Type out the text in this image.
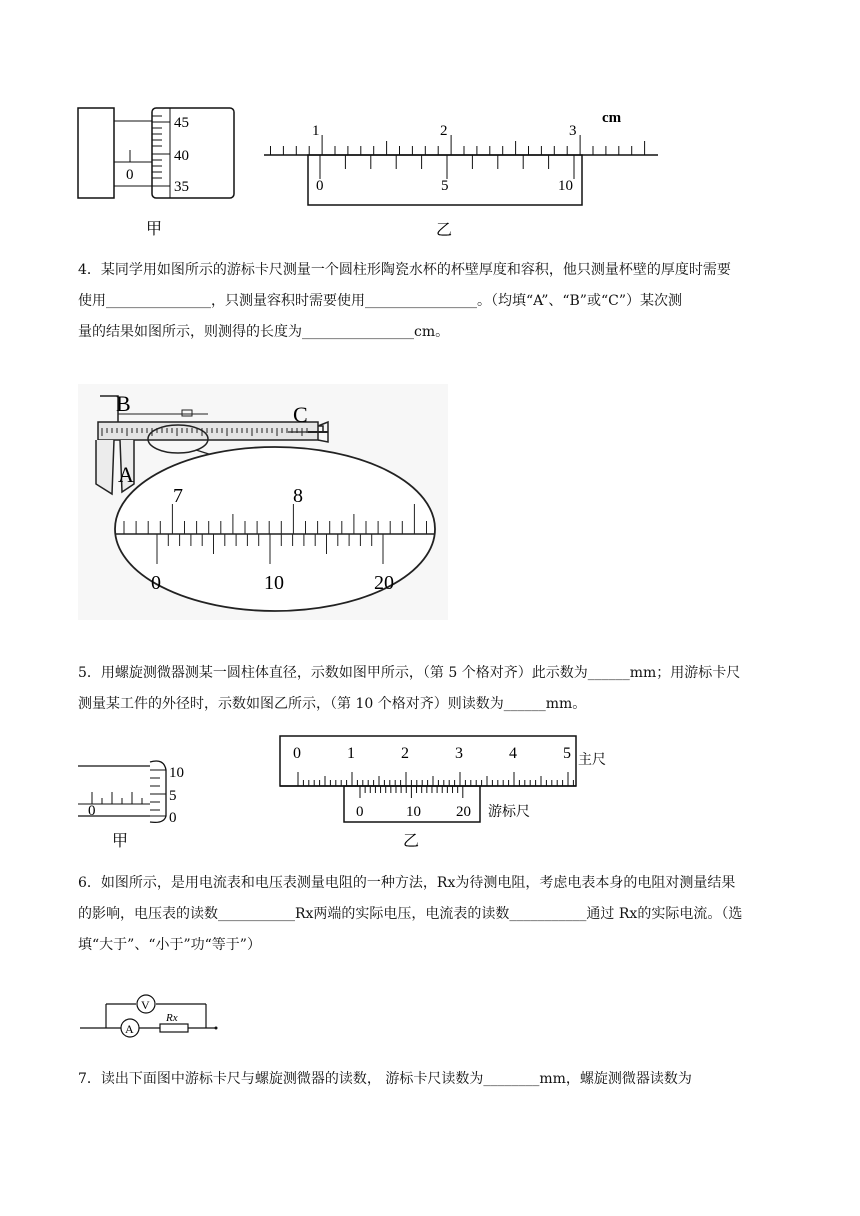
45
40
35
0
甲
cm
1	2	3
0	5	10
乙
4．某同学用如图所示的游标卡尺测量一个圆柱形陶瓷水杯的杯壁厚度和容积，他只测量杯壁的厚度时需要
使用_______________，只测量容积时需要使用________________。（均填“A”、“B”或“C”）某次测
量的结果如图所示，则测得的长度为________________cm。
B	C
A
7	8
0	10	20
5．用螺旋测微器测某一圆柱体直径，示数如图甲所示，（第 5 个格对齐）此示数为______mm；用游标卡尺
测量某工件的外径时，示数如图乙所示，（第 10 个格对齐）则读数为______mm。
10
5
0
0
甲
主尺
游标尺
乙
0	1	2	3	4	5
0	10 20
6．如图所示，是用电流表和电压表测量电阻的一种方法，Rx为待测电阻，考虑电表本身的电阻对测量结果
的影响，电压表的读数___________Rx两端的实际电压，电流表的读数___________通过 Rx的实际电流。（选
填“大于”、“小于”功“等于”）
V
A
Rx
7．读出下面图中游标卡尺与螺旋测微器的读数， 游标卡尺读数为________mm，螺旋测微器读数为
